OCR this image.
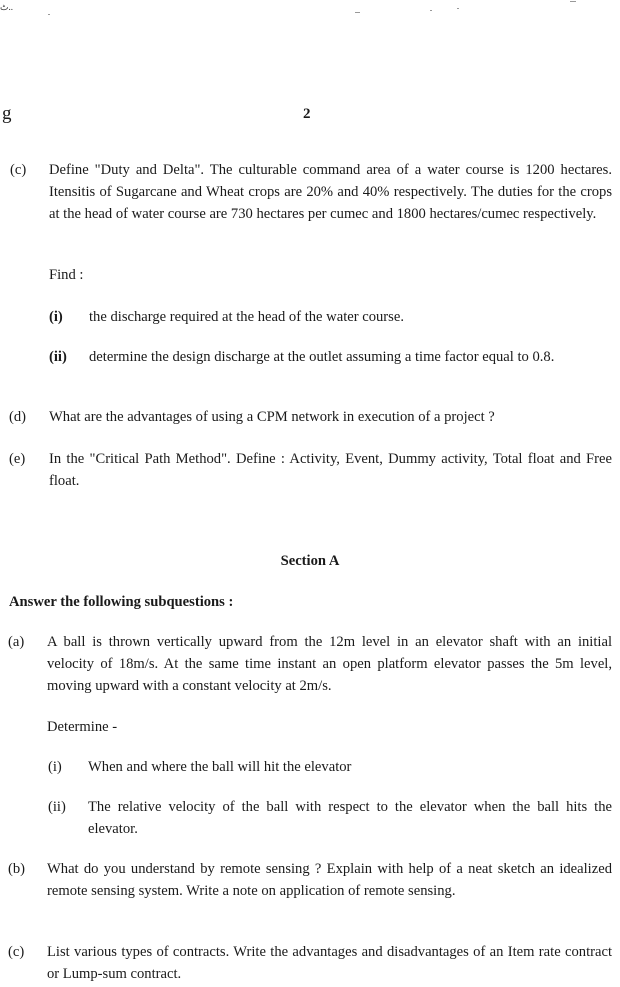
ٹ..
g	2
(c) Define "Duty and Delta". The culturable command area of a water course is 1200 hectares. Itensitis of Sugarcane and Wheat crops are 20% and 40% respectively. The duties for the crops at the head of water course are 730 hectares per cumec and 1800 hectares/cumec respectively.
Find :
(i) the discharge required at the head of the water course.
(ii) determine the design discharge at the outlet assuming a time factor equal to 0.8.
(d) What are the advantages of using a CPM network in execution of a project ?
(e) In the "Critical Path Method". Define : Activity, Event, Dummy activity, Total float and Free float.
Section A
Answer the following subquestions :
(a) A ball is thrown vertically upward from the 12m level in an elevator shaft with an initial velocity of 18m/s. At the same time instant an open platform elevator passes the 5m level, moving upward with a constant velocity at 2m/s.
Determine -
(i) When and where the ball will hit the elevator
(ii) The relative velocity of the ball with respect to the elevator when the ball hits the elevator.
(b) What do you understand by remote sensing ? Explain with help of a neat sketch an idealized remote sensing system. Write a note on application of remote sensing.
(c) List various types of contracts. Write the advantages and disadvantages of an Item rate contract or Lump-sum contract.
